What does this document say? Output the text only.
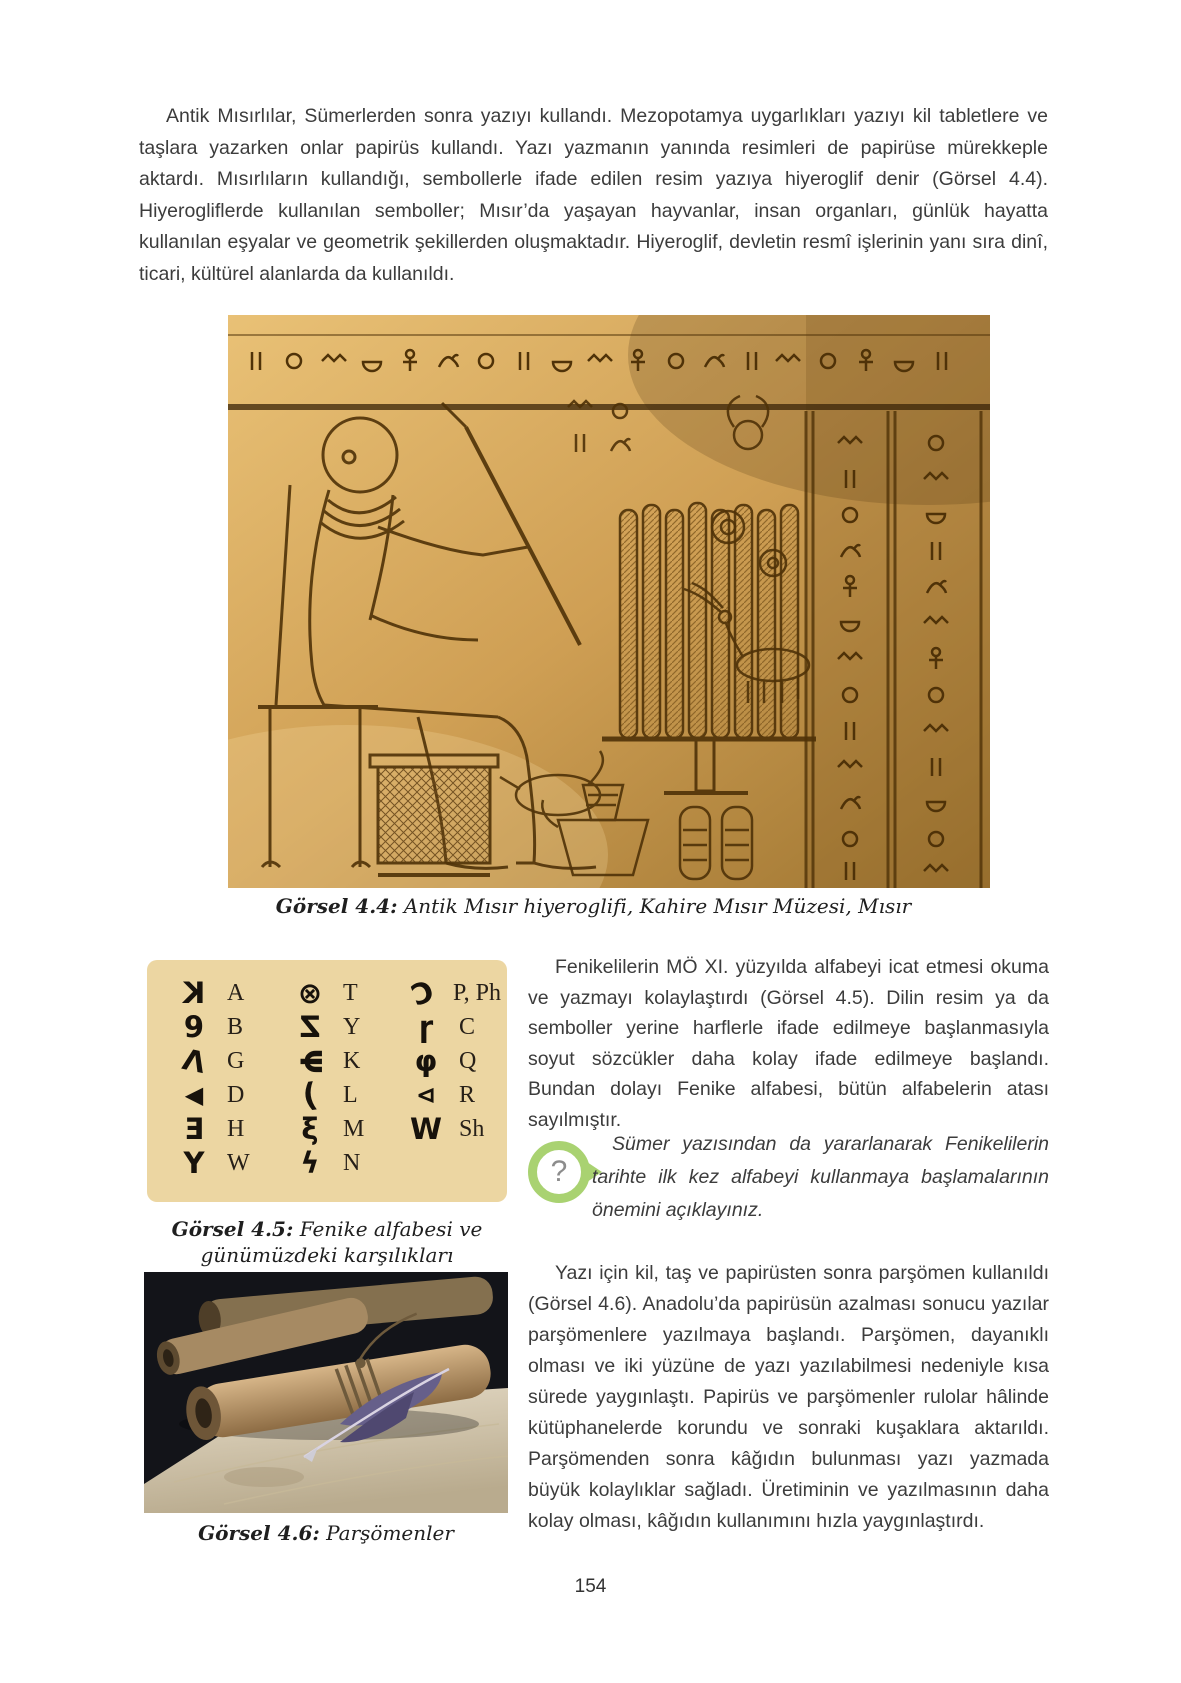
Antik Mısırlılar, Sümerlerden sonra yazıyı kullandı. Mezopotamya uygarlıkları yazıyı kil tabletlere ve taşlara yazarken onlar papirüs kullandı. Yazı yazmanın yanında resimleri de papirüse mürekkeple aktardı. Mısırlıların kullandığı, sembollerle ifade edilen resim yazıya hiyeroglif denir (Görsel 4.4). Hiyerogliflerde kullanılan semboller; Mısır’da yaşayan hayvanlar, insan organları, günlük hayatta kullanılan eşyalar ve geometrik şekillerden oluşmaktadır. Hiyeroglif, devletin resmî işlerinin yanı sıra dinî, ticari, kültürel alanlarda da kullanıldı.

Görsel 4.4: Antik Mısır hiyeroglifi, Kahire Mısır Müzesi, Mısır

K A
9 B
Λ G
◀ D
Ǝ H
Y W
⊗ T
Z Y
Ψ K
( L
ξ	M
ϟ N
Ɔ P, Ph
ɼ	C
φ Q
⊲ R
W Sh

Görsel 4.5: Fenike alfabesi ve günümüzdeki karşılıkları

Fenikelilerin MÖ XI. yüzyılda alfabeyi icat etmesi okuma ve yazmayı kolaylaştırdı (Görsel 4.5). Dilin resim ya da semboller yerine harflerle ifade edilmeye başlanmasıyla soyut sözcükler daha kolay ifade edilmeye başlandı. Bundan dolayı Fenike alfabesi, bütün alfabelerin atası sayılmıştır.

?

Sümer yazısından da yararlanarak Fenikelilerin tarihte ilk kez alfabeyi kullanmaya başlamalarının önemini açıklayınız.

Yazı için kil, taş ve papirüsten sonra parşömen kullanıldı (Görsel 4.6). Anadolu’da papirüsün azalması sonucu yazılar parşömenlere yazılmaya başlandı. Parşömen, dayanıklı olması ve iki yüzüne de yazı yazılabilmesi nedeniyle kısa sürede yaygınlaştı. Papirüs ve parşömenler rulolar hâlinde kütüphanelerde korundu ve sonraki kuşaklara aktarıldı. Parşömenden sonra kâğıdın bulunması yazı yazmada büyük kolaylıklar sağladı. Üretiminin ve yazılmasının daha kolay olması, kâğıdın kullanımını hızla yaygınlaştırdı.

Görsel 4.6: Parşömenler

154
